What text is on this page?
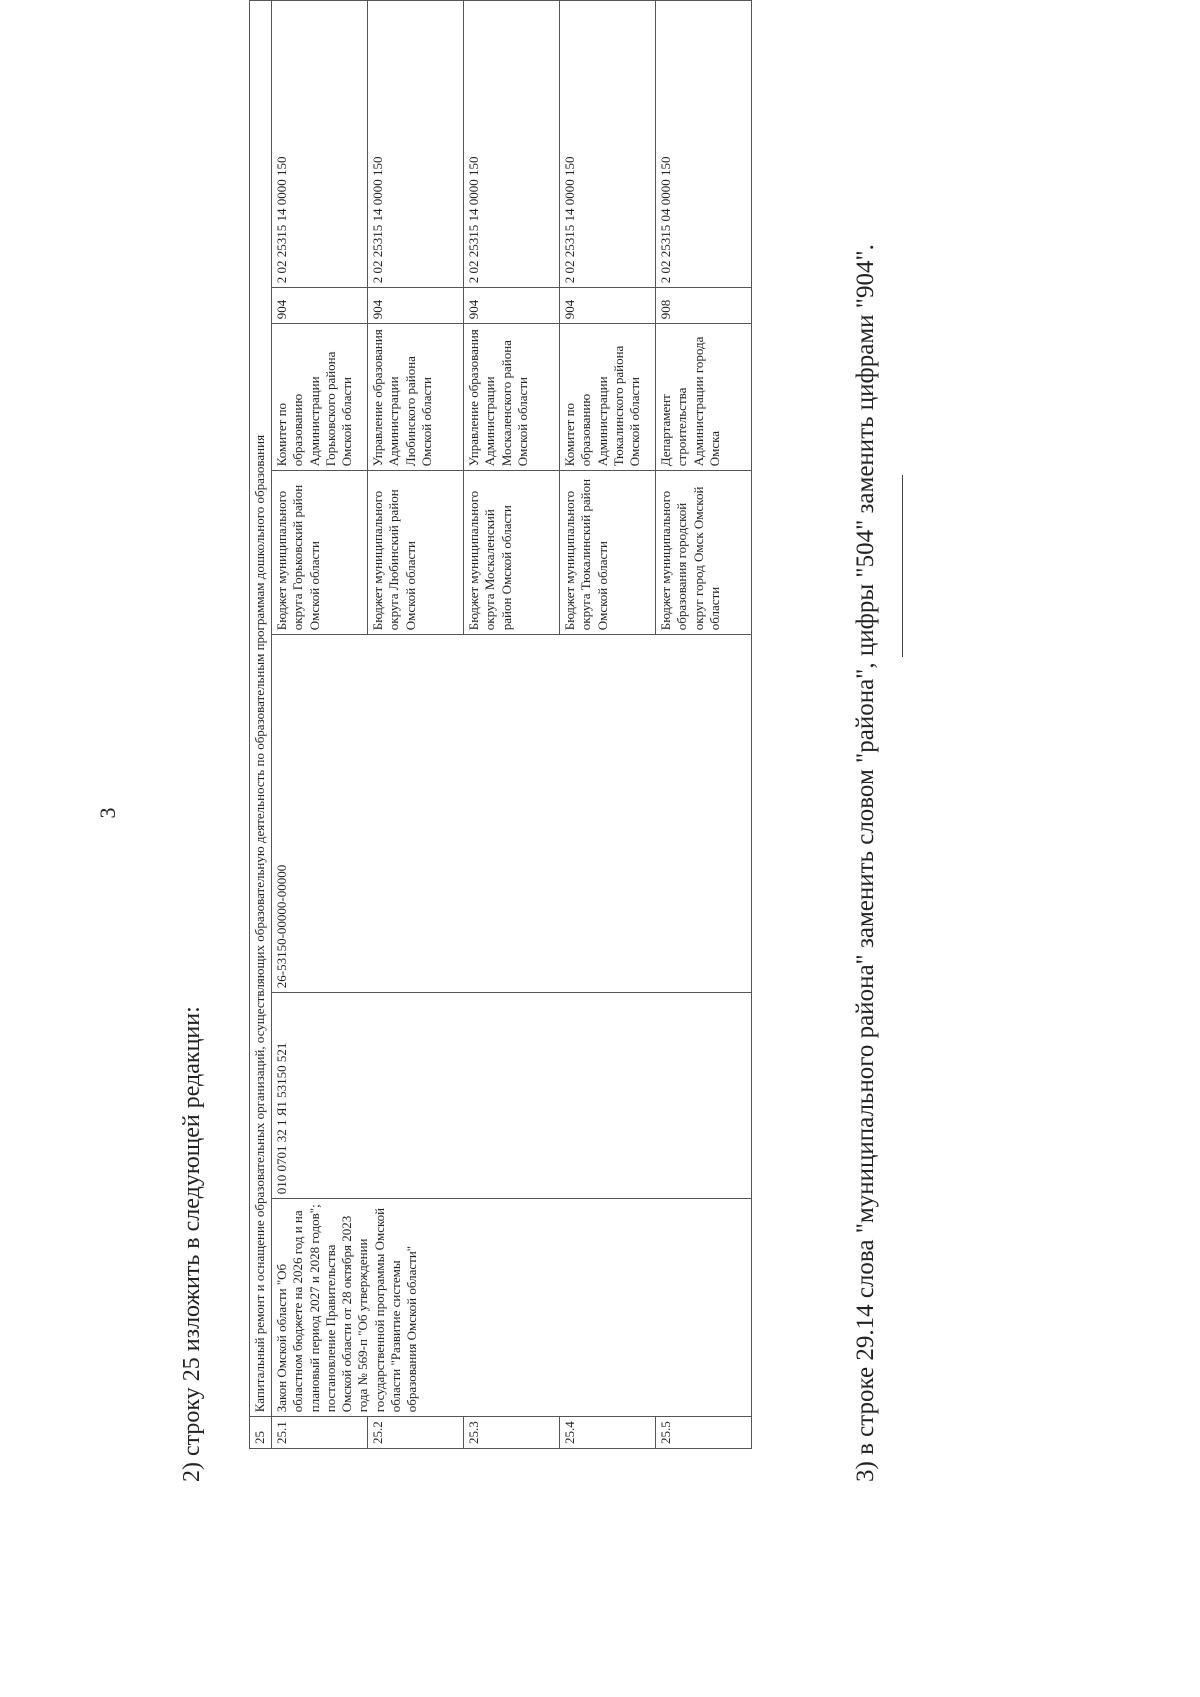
3
2) строку 25 изложить в следующей редакции:	25	Капитальный ремонт и оснащение образовательных организаций, осуществляющих образовательную деятельность по образовательным программам дошкольного образования						
25.1	Закон Омской области "Об областном бюджете на 2026 год и на плановый период 2027 и 2028 годов"; постановление Правительства Омской области от 28 октября 2023 года № 569-п "Об утверждении государственной программы Омской области "Развитие системы образования Омской области"	010 0701 32 1 Я1 53150 521	26-53150-00000-00000	Бюджет муниципального округа Горьковский район Омской области	Комитет по образованию Администрации Горьковского района Омской области	904	2 02 25315 14 0000 150
25.2				Бюджет муниципального округа Любинский район Омской области	Управление образования Администрации Любинского района Омской области	904	2 02 25315 14 0000 150
25.3				Бюджет муниципального округа Москаленский район Омской области	Управление образования Администрации Москаленского района Омской области	904	2 02 25315 14 0000 150
25.4				Бюджет муниципального округа Тюкалинский район Омской области	Комитет по образованию Администрации Тюкалинского района Омской области	904	2 02 25315 14 0000 150
25.5				Бюджет муниципального образования городской округ город Омск Омской области	Департамент строительства Администрации города Омска	908	2 02 25315 04 0000 150
3) в строке 29.14 слова "муниципального района" заменить словом "района", цифры "504" заменить цифрами "904".
